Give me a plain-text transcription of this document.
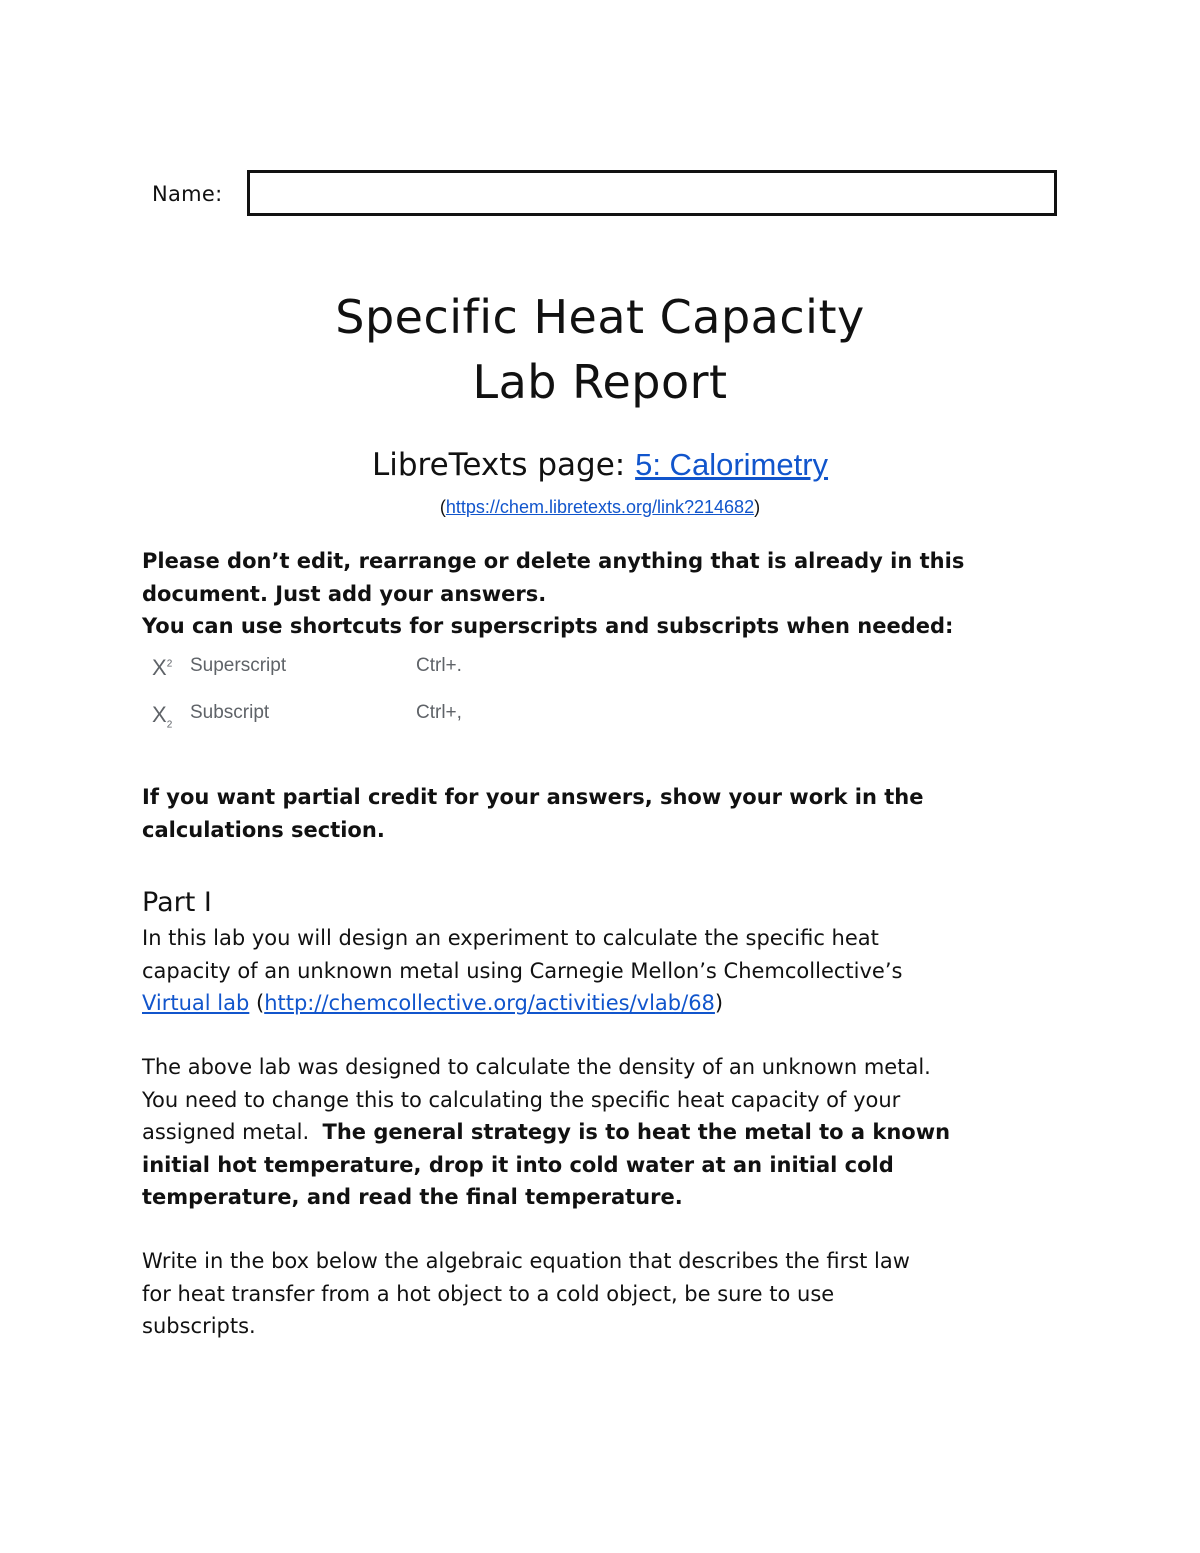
Name:
Specific Heat Capacity
Lab Report
LibreTexts page: 5: Calorimetry
(https://chem.libretexts.org/link?214682)
Please don’t edit, rearrange or delete anything that is already in this
document. Just add your answers.
You can use shortcuts for superscripts and subscripts when needed:
$X^2$ Superscript	Ctrl+.
$X_2$
Subscript	Ctrl+,
If you want partial credit for your answers, show your work in the
calculations section.
Part I
In this lab you will design an experiment to calculate the specific heat
capacity of an unknown metal using Carnegie Mellon’s Chemcollective’s
Virtual lab (http://chemcollective.org/activities/vlab/68)
The above lab was designed to calculate the density of an unknown metal.
You need to change this to calculating the specific heat capacity of your
assigned metal.  The general strategy is to heat the metal to a known
initial hot temperature, drop it into cold water at an initial cold
temperature, and read the final temperature.
Write in the box below the algebraic equation that describes the first law
for heat transfer from a hot object to a cold object, be sure to use
subscripts.
